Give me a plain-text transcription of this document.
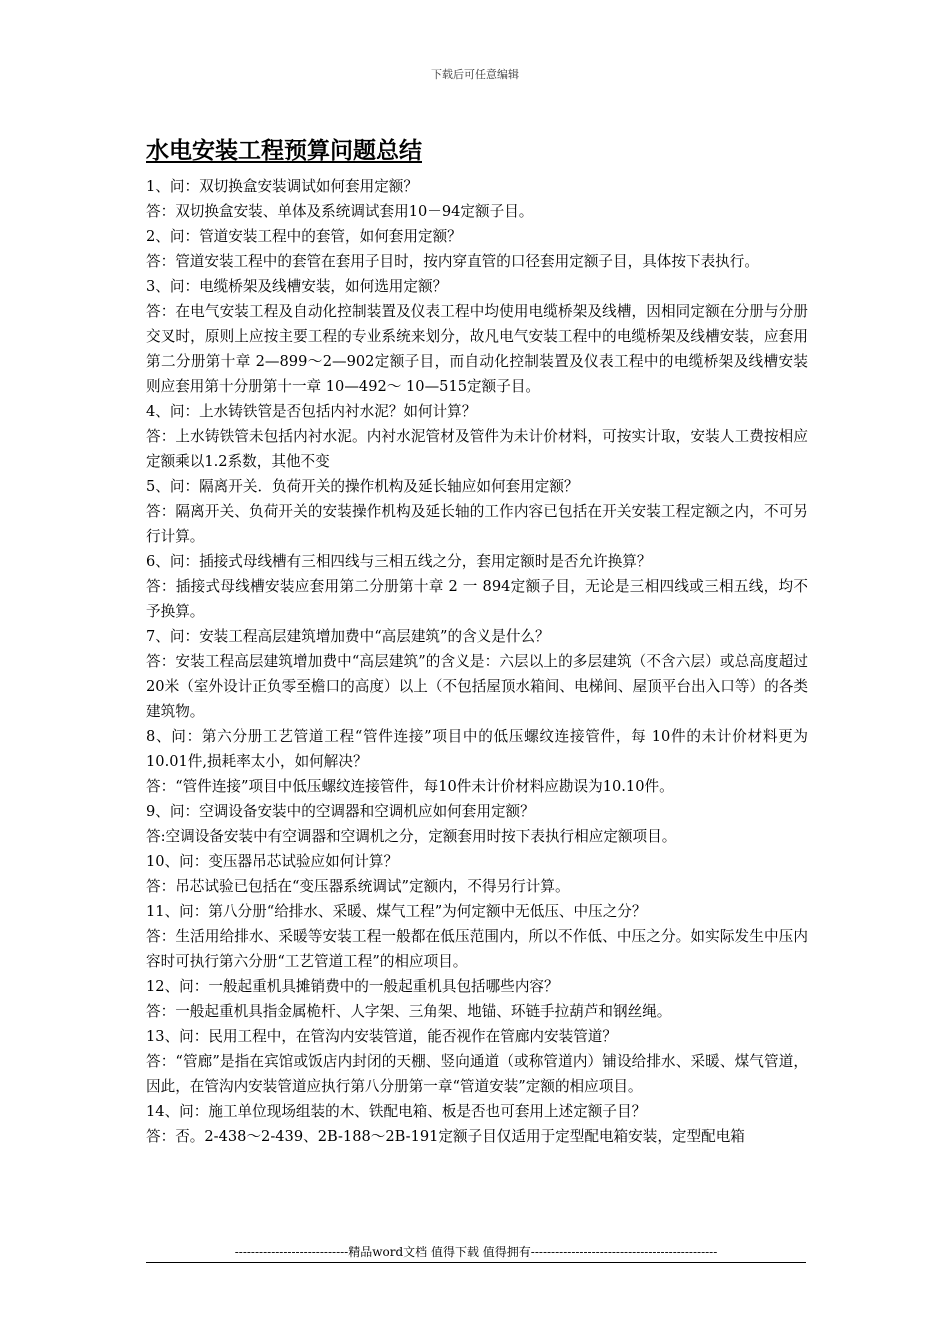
下载后可任意编辑
水电安装工程预算问题总结

1、问：双切换盒安装调试如何套用定额？

答：双切换盒安装、单体及系统调试套用10－94定额子目。

2、问：管道安装工程中的套管，如何套用定额？

答：管道安装工程中的套管在套用子目时，按内穿直管的口径套用定额子目，具体按下表执行。

3、问：电缆桥架及线槽安装，如何选用定额？

答：在电气安装工程及自动化控制装置及仪表工程中均使用电缆桥架及线槽，因相同定额在分册与分册交叉时，原则上应按主要工程的专业系统来划分，故凡电气安装工程中的电缆桥架及线槽安装，应套用第二分册第十章 2—899～2—902定额子目，而自动化控制装置及仪表工程中的电缆桥架及线槽安装则应套用第十分册第十一章 10—492～ 10—515定额子目。

4、问：上水铸铁管是否包括内衬水泥？如何计算？

答：上水铸铁管未包括内衬水泥。内衬水泥管材及管件为未计价材料，可按实计取，安装人工费按相应定额乘以1.2系数，其他不变

5、问：隔离开关．负荷开关的操作机构及延长轴应如何套用定额？

答：隔离开关、负荷开关的安装操作机构及延长轴的工作内容已包括在开关安装工程定额之内，不可另行计算。

6、问：插接式母线槽有三相四线与三相五线之分，套用定额时是否允许换算？

答：插接式母线槽安装应套用第二分册第十章 2 一 894定额子目，无论是三相四线或三相五线，均不予换算。

7、问：安装工程高层建筑增加费中“高层建筑”的含义是什么？

答：安装工程高层建筑增加费中“高层建筑”的含义是：六层以上的多层建筑（不含六层）或总高度超过 20米（室外设计正负零至檐口的高度）以上（不包括屋顶水箱间、电梯间、屋顶平台出入口等）的各类建筑物。

8、问：第六分册工艺管道工程“管件连接”项目中的低压螺纹连接管件，每 10件的未计价材料更为10.01件,损耗率太小，如何解决？

答：“管件连接”项目中低压螺纹连接管件，每10件未计价材料应勘误为10.10件。

9、问：空调设备安装中的空调器和空调机应如何套用定额？

答:空调设备安装中有空调器和空调机之分，定额套用时按下表执行相应定额项目。

10、问：变压器吊芯试验应如何计算？

答：吊芯试验已包括在“变压器系统调试”定额内，不得另行计算。

11、问：第八分册“给排水、采暖、煤气工程”为何定额中无低压、中压之分？

答：生活用给排水、采暖等安装工程一般都在低压范围内，所以不作低、中压之分。如实际发生中压内容时可执行第六分册“工艺管道工程”的相应项目。

12、问：一般起重机具摊销费中的一般起重机具包括哪些内容？

答：一般起重机具指金属桅杆、人字架、三角架、地锚、环链手拉葫芦和钢丝绳。

13、问：民用工程中，在管沟内安装管道，能否视作在管廊内安装管道？

答：“管廊”是指在宾馆或饭店内封闭的天棚、竖向通道（或称管道内）铺设给排水、采暖、煤气管道，因此，在管沟内安装管道应执行第八分册第一章“管道安装”定额的相应项目。

14、问：施工单位现场组装的木、铁配电箱、板是否也可套用上述定额子目？

答：否。2-438～2-439、2B-188～2B-191定额子目仅适用于定型配电箱安装，定型配电箱

----------------------------精品word文档 值得下载 值得拥有----------------------------------------------
